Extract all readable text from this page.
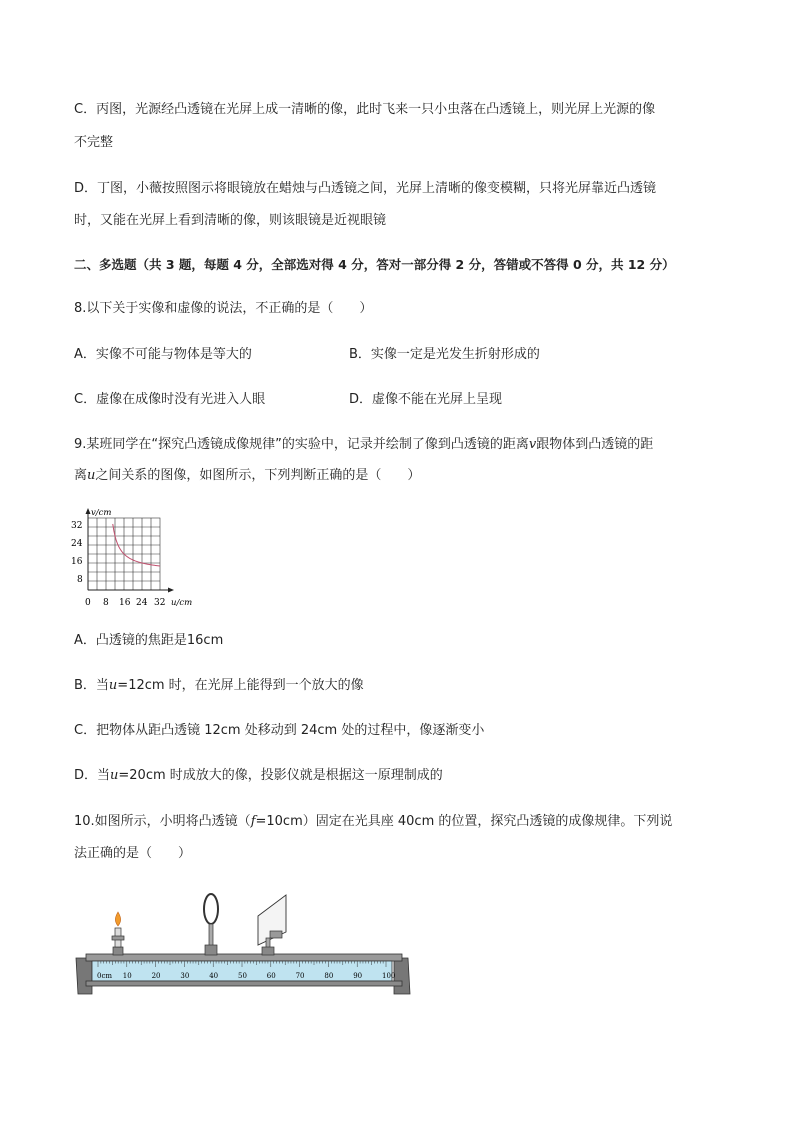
C．丙图，光源经凸透镜在光屏上成一清晰的像，此时飞来一只小虫落在凸透镜上，则光屏上光源的像
不完整
D．丁图，小薇按照图示将眼镜放在蜡烛与凸透镜之间，光屏上清晰的像变模糊，只将光屏靠近凸透镜
时，又能在光屏上看到清晰的像，则该眼镜是近视眼镜
二、多选题（共 3 题，每题 4 分，全部选对得 4 分，答对一部分得 2 分，答错或不答得 0 分，共 12 分）
8.以下关于实像和虚像的说法，不正确的是（　　）
A．实像不可能与物体是等大的	B．实像一定是光发生折射形成的
C．虚像在成像时没有光进入人眼	D．虚像不能在光屏上呈现
9.某班同学在“探究凸透镜成像规律”的实验中，记录并绘制了像到凸透镜的距离v跟物体到凸透镜的距
离u之间关系的图像，如图所示，下列判断正确的是（　　）
v/cm
u/cm
32
24
16
8
0 8 16 24 32
A．凸透镜的焦距是16cm
B．当u=12cm 时，在光屏上能得到一个放大的像
C．把物体从距凸透镜 12cm 处移动到 24cm 处的过程中，像逐渐变小
D．当u=20cm 时成放大的像，投影仪就是根据这一原理制成的
10.如图所示，小明将凸透镜（f=10cm）固定在光具座 40cm 的位置，探究凸透镜的成像规律。下列说
法正确的是（　　）
0cm 10	20	30	40	50	60	70	80	90	100
